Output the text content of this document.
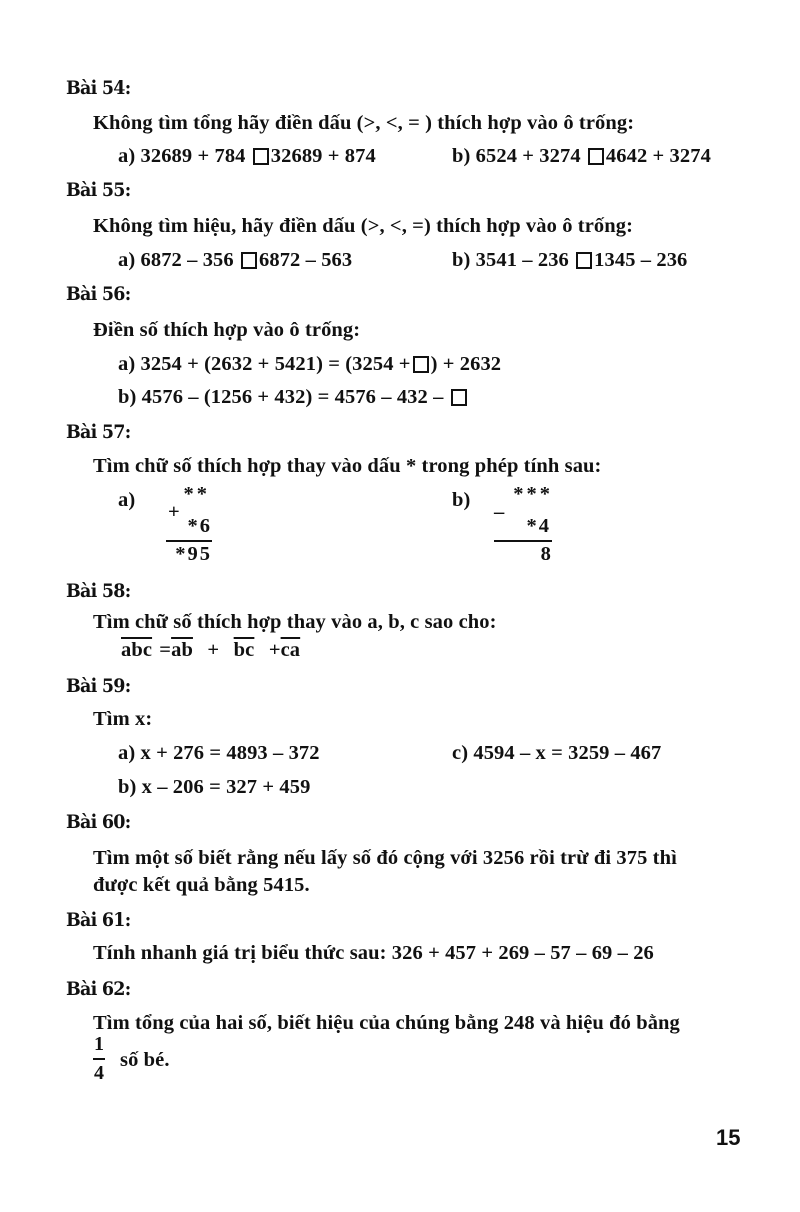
Bài 54:
Không tìm tổng hãy điền dấu (>, <, = ) thích hợp vào ô trống:
a) 32689 + 784 32689 + 874	b) 6524 + 3274 4642 + 3274
Bài 55:
Không tìm hiệu, hãy điền dấu (>, <, =) thích hợp vào ô trống:
a) 6872 – 356 6872 – 563	b) 3541 – 236 1345 – 236
Bài 56:
Điền số thích hợp vào ô trống:
a) 3254 + (2632 + 5421) = (3254 + ) + 2632
b) 4576 – (1256 + 432) = 4576 – 432 –
Bài 57:
Tìm chữ số thích hợp thay vào dấu * trong phép tính sau:
a)	**
+
*6
*95
b)	***
–
*4
8
Bài 58:
Tìm chữ số thích hợp thay vào a, b, c sao cho:
$\overline{abc} =\overline{ab} + \overline{bc} +\overline{ca}$
Bài 59:
Tìm x:
a) x + 276 = 4893 – 372	c) 4594 – x = 3259 – 467
b) x – 206 = 327 + 459
Bài 60:
Tìm một số biết rằng nếu lấy số đó cộng với 3256 rồi trừ đi 375 thì
được kết quả bằng 5415.
Bài 61:
Tính nhanh giá trị biểu thức sau: 326 + 457 + 269 – 57 – 69 – 26
Bài 62:
Tìm tổng của hai số, biết hiệu của chúng bằng 248 và hiệu đó bằng
1
4
số bé.
15
